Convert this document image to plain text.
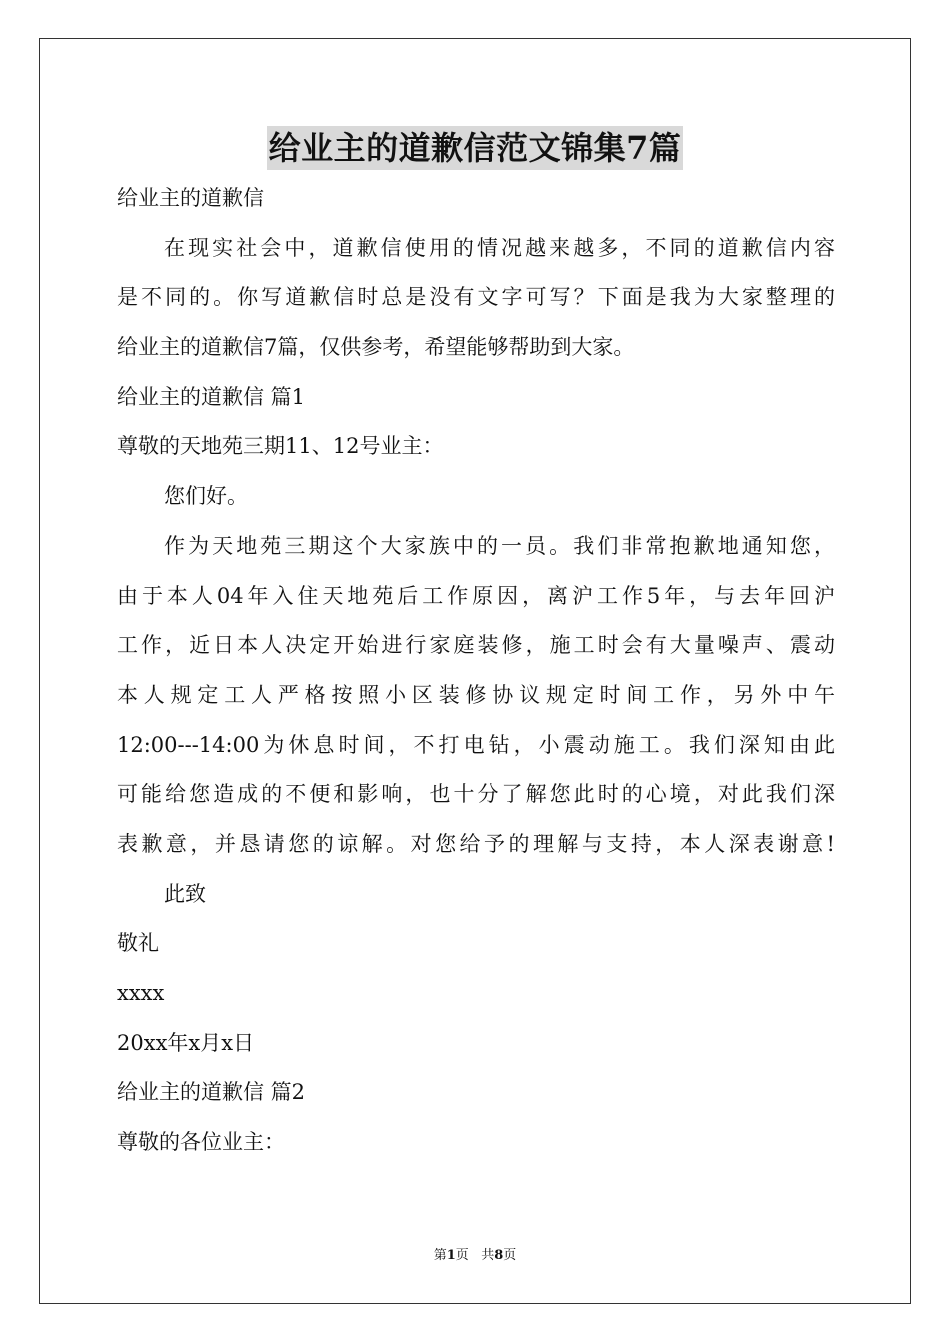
给业主的道歉信范文锦集7篇
给业主的道歉信
在现实社会中，道歉信使用的情况越来越多，不同的道歉信内容
是不同的。你写道歉信时总是没有文字可写？下面是我为大家整理的
给业主的道歉信7篇，仅供参考，希望能够帮助到大家。
给业主的道歉信 篇1
尊敬的天地苑三期11、12号业主：
您们好。
作为天地苑三期这个大家族中的一员。我们非常抱歉地通知您，
由于本人04年入住天地苑后工作原因，离沪工作5年，与去年回沪
工作，近日本人决定开始进行家庭装修，施工时会有大量噪声、震动
本人规定工人严格按照小区装修协议规定时间工作，另外中午
12:00---14:00为休息时间，不打电钻，小震动施工。我们深知由此
可能给您造成的不便和影响，也十分了解您此时的心境，对此我们深
表歉意，并恳请您的谅解。对您给予的理解与支持，本人深表谢意!
此致
敬礼
xxxx
20xx年x月x日
给业主的道歉信 篇2
尊敬的各位业主：
第1页 共8页
